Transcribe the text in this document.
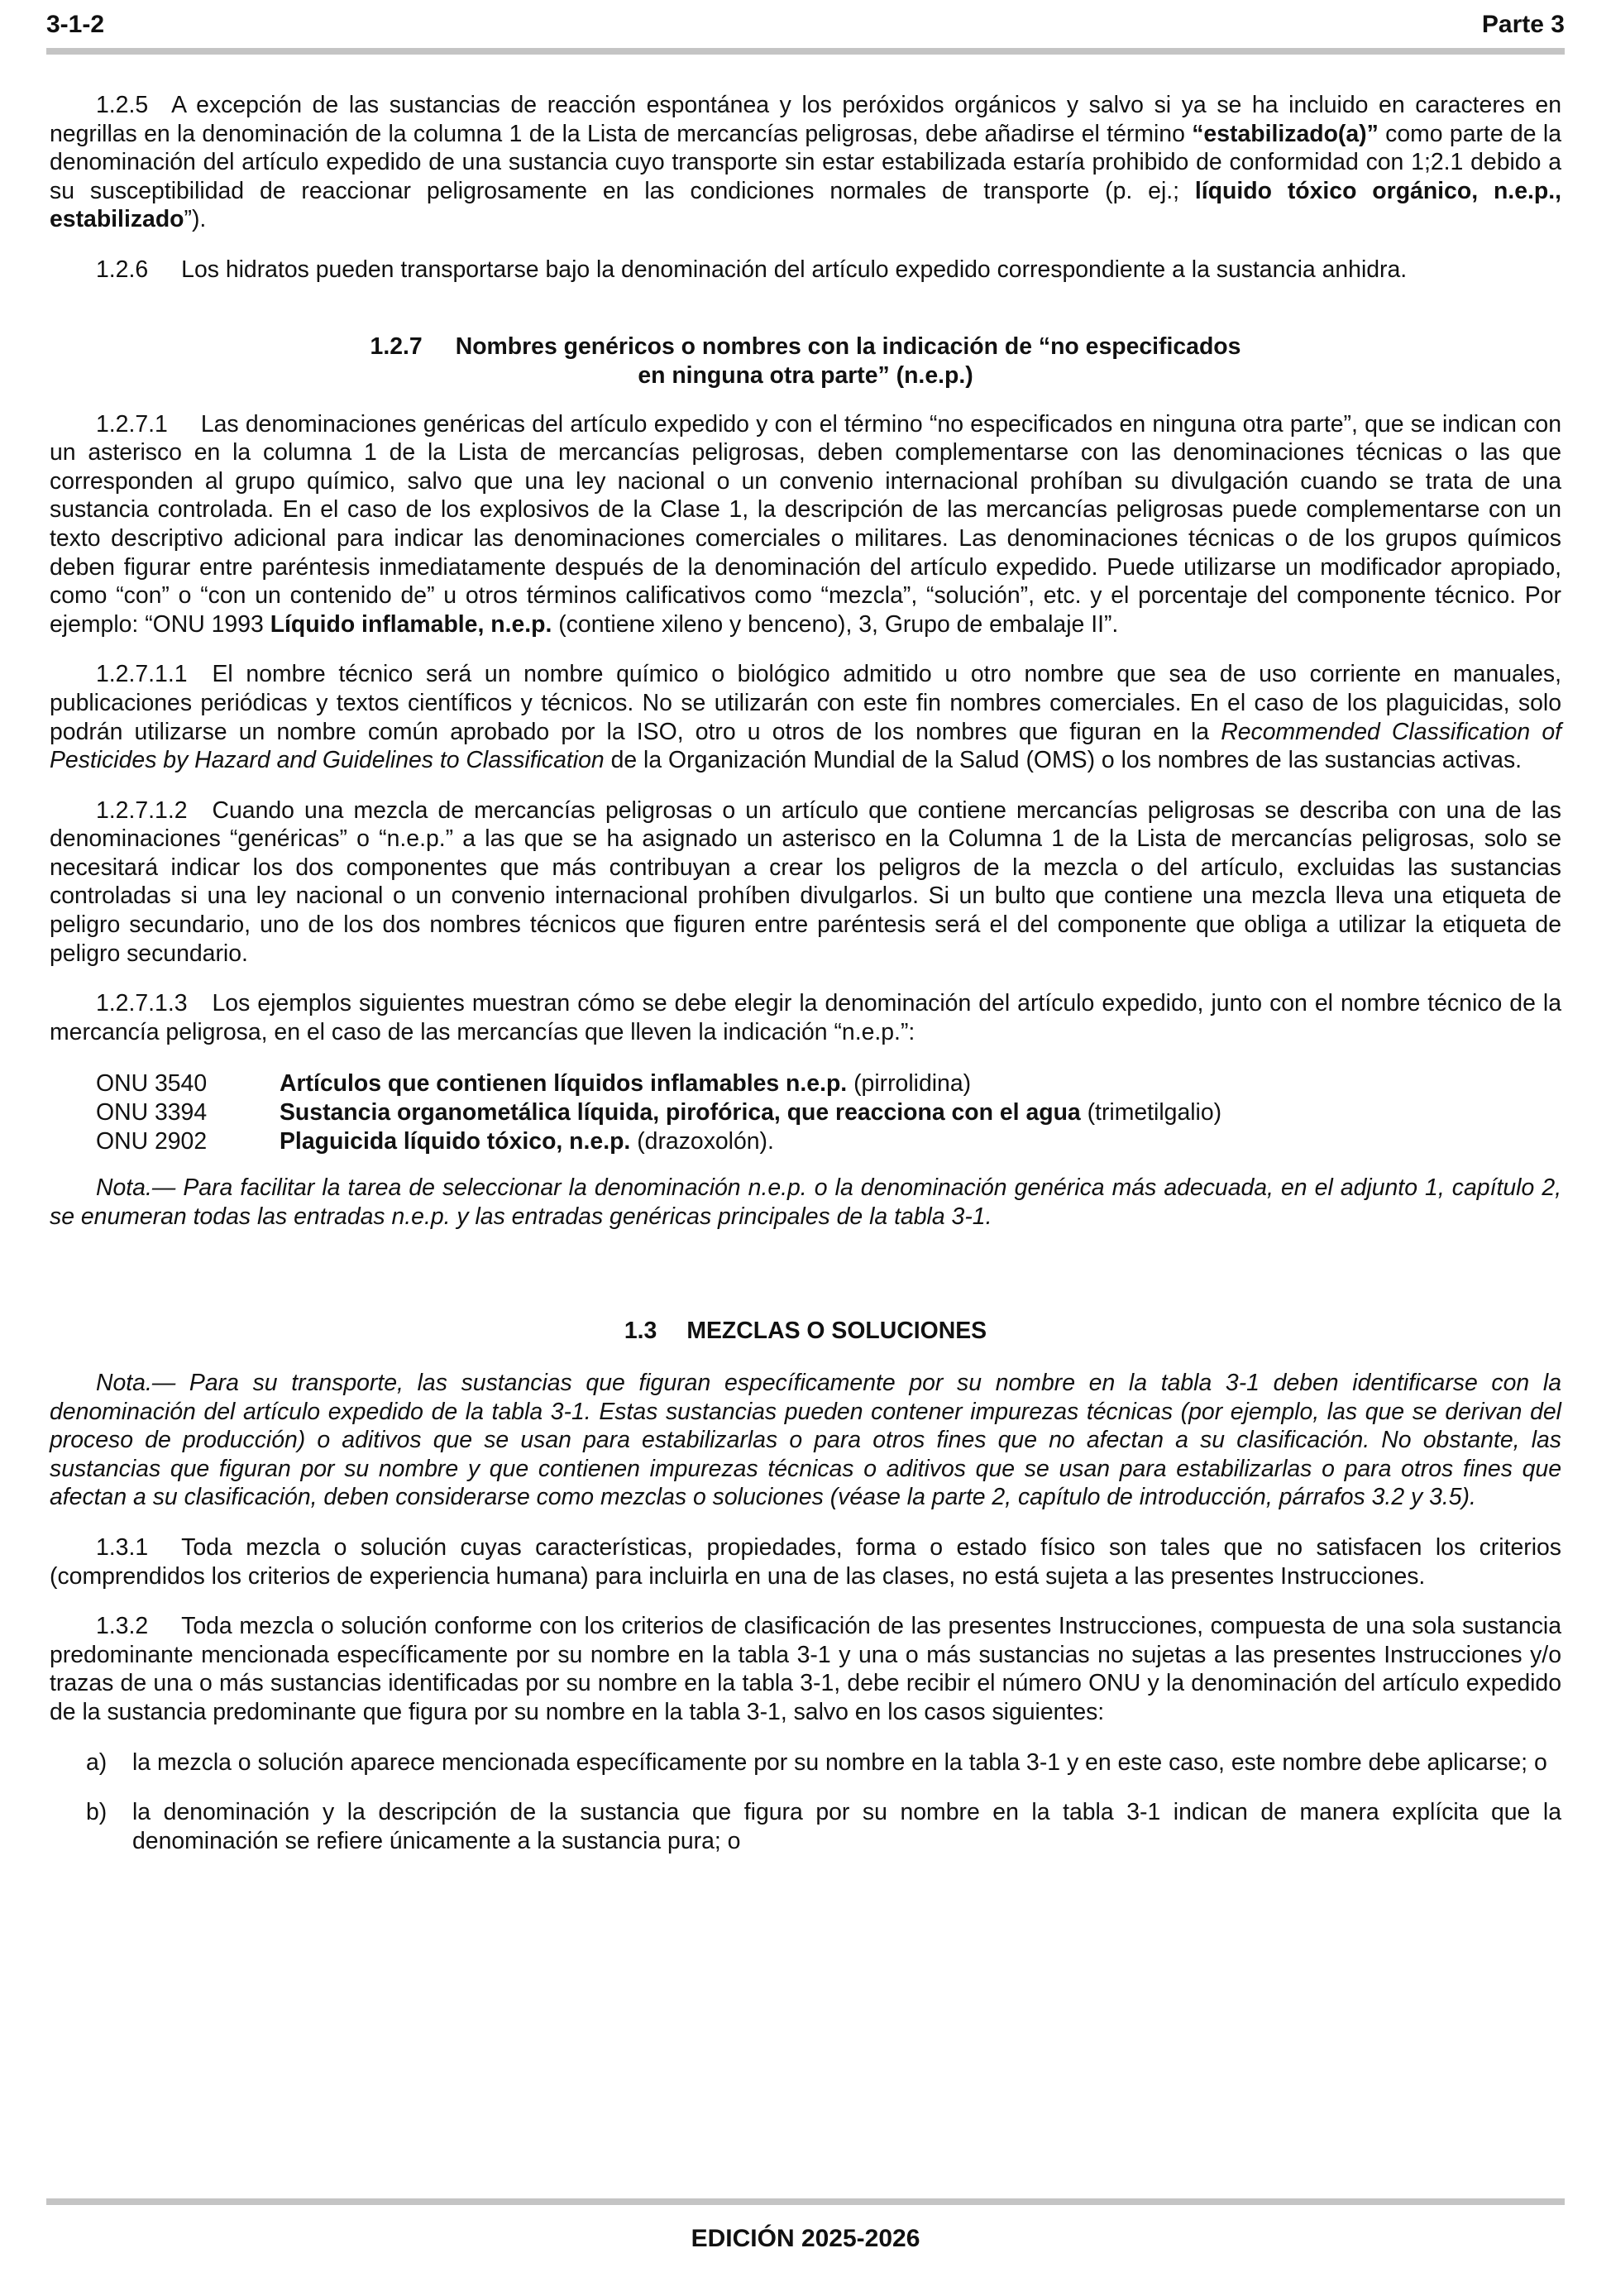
3-1-2	Parte 3

1.2.5 A excepción de las sustancias de reacción espontánea y los peróxidos orgánicos y salvo si ya se ha incluido en caracteres en negrillas en la denominación de la columna 1 de la Lista de mercancías peligrosas, debe añadirse el término “estabilizado(a)” como parte de la denominación del artículo expedido de una sustancia cuyo transporte sin estar estabilizada estaría prohibido de conformidad con 1;2.1 debido a su susceptibilidad de reaccionar peligrosamente en las condiciones normales de transporte (p. ej.; líquido tóxico orgánico, n.e.p., estabilizado”).

1.2.6 Los hidratos pueden transportarse bajo la denominación del artículo expedido correspondiente a la sustancia anhidra.

1.2.7 Nombres genéricos o nombres con la indicación de “no especificados
en ninguna otra parte” (n.e.p.)

1.2.7.1 Las denominaciones genéricas del artículo expedido y con el término “no especificados en ninguna otra parte”, que se indican con un asterisco en la columna 1 de la Lista de mercancías peligrosas, deben complementarse con las denominaciones técnicas o las que corresponden al grupo químico, salvo que una ley nacional o un convenio internacional prohíban su divulgación cuando se trata de una sustancia controlada. En el caso de los explosivos de la Clase 1, la descripción de las mercancías peligrosas puede complementarse con un texto descriptivo adicional para indicar las denominaciones comerciales o militares. Las denominaciones técnicas o de los grupos químicos deben figurar entre paréntesis inmediatamente después de la denominación del artículo expedido. Puede utilizarse un modificador apropiado, como “con” o “con un contenido de” u otros términos calificativos como “mezcla”, “solución”, etc. y el porcentaje del componente técnico. Por ejemplo: “ONU 1993 Líquido inflamable, n.e.p. (contiene xileno y benceno), 3, Grupo de embalaje II”.

1.2.7.1.1 El nombre técnico será un nombre químico o biológico admitido u otro nombre que sea de uso corriente en manuales, publicaciones periódicas y textos científicos y técnicos. No se utilizarán con este fin nombres comerciales. En el caso de los plaguicidas, solo podrán utilizarse un nombre común aprobado por la ISO, otro u otros de los nombres que figuran en la Recommended Classification of Pesticides by Hazard and Guidelines to Classification de la Organización Mundial de la Salud (OMS) o los nombres de las sustancias activas.

1.2.7.1.2 Cuando una mezcla de mercancías peligrosas o un artículo que contiene mercancías peligrosas se describa con una de las denominaciones “genéricas” o “n.e.p.” a las que se ha asignado un asterisco en la Columna 1 de la Lista de mercancías peligrosas, solo se necesitará indicar los dos componentes que más contribuyan a crear los peligros de la mezcla o del artículo, excluidas las sustancias controladas si una ley nacional o un convenio internacional prohíben divulgarlos. Si un bulto que contiene una mezcla lleva una etiqueta de peligro secundario, uno de los dos nombres técnicos que figuren entre paréntesis será el del componente que obliga a utilizar la etiqueta de peligro secundario.

1.2.7.1.3 Los ejemplos siguientes muestran cómo se debe elegir la denominación del artículo expedido, junto con el nombre técnico de la mercancía peligrosa, en el caso de las mercancías que lleven la indicación “n.e.p.”:

ONU 3540	Artículos que contienen líquidos inflamables n.e.p. (pirrolidina)
ONU 3394	Sustancia organometálica líquida, pirofórica, que reacciona con el agua (trimetilgalio)
ONU 2902	Plaguicida líquido tóxico, n.e.p. (drazoxolón).

Nota.— Para facilitar la tarea de seleccionar la denominación n.e.p. o la denominación genérica más adecuada, en el adjunto 1, capítulo 2, se enumeran todas las entradas n.e.p. y las entradas genéricas principales de la tabla 3-1.

1.3 MEZCLAS O SOLUCIONES

Nota.— Para su transporte, las sustancias que figuran específicamente por su nombre en la tabla 3-1 deben identificarse con la denominación del artículo expedido de la tabla 3-1. Estas sustancias pueden contener impurezas técnicas (por ejemplo, las que se derivan del proceso de producción) o aditivos que se usan para estabilizarlas o para otros fines que no afectan a su clasificación. No obstante, las sustancias que figuran por su nombre y que contienen impurezas técnicas o aditivos que se usan para estabilizarlas o para otros fines que afectan a su clasificación, deben considerarse como mezclas o soluciones (véase la parte 2, capítulo de introducción, párrafos 3.2 y 3.5).

1.3.1 Toda mezcla o solución cuyas características, propiedades, forma o estado físico son tales que no satisfacen los criterios (comprendidos los criterios de experiencia humana) para incluirla en una de las clases, no está sujeta a las presentes Instrucciones.

1.3.2 Toda mezcla o solución conforme con los criterios de clasificación de las presentes Instrucciones, compuesta de una sola sustancia predominante mencionada específicamente por su nombre en la tabla 3-1 y una o más sustancias no sujetas a las presentes Instrucciones y/o trazas de una o más sustancias identificadas por su nombre en la tabla 3-1, debe recibir el número ONU y la denominación del artículo expedido de la sustancia predominante que figura por su nombre en la tabla 3-1, salvo en los casos siguientes:

a)	la mezcla o solución aparece mencionada específicamente por su nombre en la tabla 3-1 y en este caso, este nombre debe aplicarse; o
b)	la denominación y la descripción de la sustancia que figura por su nombre en la tabla 3-1 indican de manera explícita que la denominación se refiere únicamente a la sustancia pura; o
EDICIÓN 2025-2026
